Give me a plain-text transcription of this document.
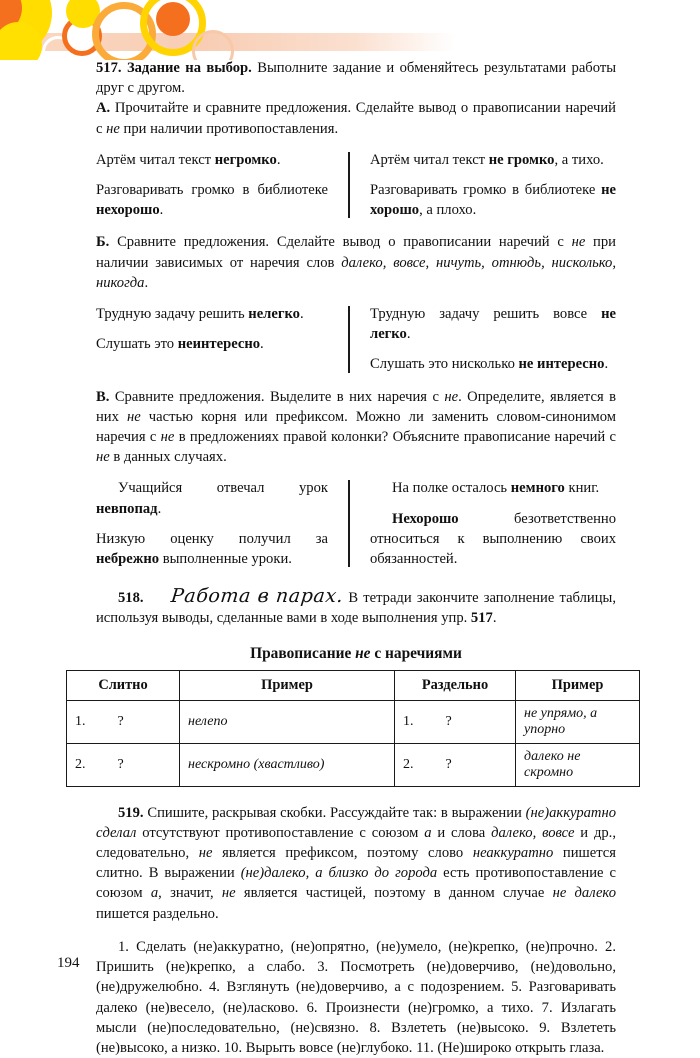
517. Задание на выбор. Выполните задание и обменяйтесь результатами работы друг с другом.

А. Прочитайте и сравните предложения. Сделайте вывод о правописании наречий с не при наличии противопоставления.

Артём читал текст негромко.

Разговаривать громко в библиотеке нехорошо.

Артём читал текст не громко, а тихо.

Разговаривать громко в библиотеке не хорошо, а плохо.

Б. Сравните предложения. Сделайте вывод о правописании наречий с не при наличии зависимых от наречия слов далеко, вовсе, ничуть, отнюдь, нисколько, никогда.

Трудную задачу решить нелегко.

Слушать это неинтересно.

Трудную задачу решить вовсе не легко.

Слушать это нисколько не интересно.

В. Сравните предложения. Выделите в них наречия с не. Определите, является в них не частью корня или префиксом. Можно ли заменить словом-синонимом наречия с не в предложениях правой колонки? Объясните правописание наречий с не в данных случаях.

Учащийся отвечал урок невпопад.

Низкую оценку получил за небрежно выполненные уроки.

На полке осталось немного книг.

Нехорошо безответственно относиться к выполнению своих обязанностей.

518. Работа в парах. В тетради закончите заполнение таблицы, используя выводы, сделанные вами в ходе выполнения упр. 517.

Правописание не с наречиями
Слитно	Пример	Раздельно	Пример
1. ?	нелепо	1. ?	не упрямо, а упорно
2. ?	нескромно (хвастливо)	2. ?	далеко не скромно

519. Спишите, раскрывая скобки. Рассуждайте так: в выражении (не)аккуратно сделал отсутствуют противопоставление с союзом а и слова далеко, вовсе и др., следовательно, не является префиксом, поэтому слово неаккуратно пишется слитно. В выражении (не)далеко, а близко до города есть противопоставление с союзом а, значит, не является частицей, поэтому в данном случае не далеко пишется раздельно.

1. Сделать (не)аккуратно, (не)опрятно, (не)умело, (не)крепко, (не)прочно. 2. Пришить (не)крепко, а слабо. 3. Посмотреть (не)доверчиво, (не)довольно, (не)дружелюбно. 4. Взглянуть (не)доверчиво, а с подозрением. 5. Разговаривать далеко (не)весело, (не)ласково. 6. Произнести (не)громко, а тихо. 7. Излагать мысли (не)последовательно, (не)связно. 8. Взлететь (не)высоко. 9. Взлететь (не)высоко, а низко. 10. Вырыть вовсе (не)глубоко. 11. (Не)широко открыть глаза.

194
